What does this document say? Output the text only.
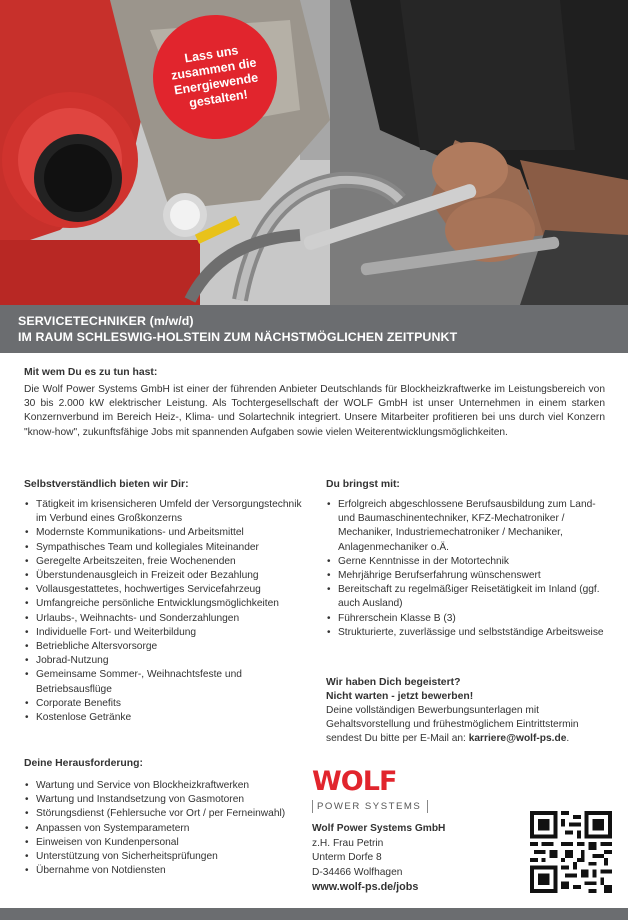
Lass uns
zusammen die
Energiewende
gestalten!
SERVICETECHNIKER (m/w/d)
IM RAUM SCHLESWIG-HOLSTEIN ZUM NÄCHSTMÖGLICHEN ZEITPUNKT
Mit wem Du es zu tun hast:

Die Wolf Power Systems GmbH ist einer der führenden Anbieter Deutschlands für Blockheizkraftwerke im Leistungsbereich von 30 bis 2.000 kW elektrischer Leistung. Als Tochtergesellschaft der WOLF GmbH ist unser Unternehmen in einem starken Konzernverbund im Bereich Heiz-, Klima- und Solartechnik integriert. Unsere Mitarbeiter profitieren bei uns durch viel Konzern "know-how", zukunftsfähige Jobs mit spannenden Aufgaben sowie vielen Weiterentwicklungsmöglichkeiten.

Selbstverständlich bieten wir Dir:
• Tätigkeit im krisensicheren Umfeld der Versorgungstechnik im Verbund eines Großkonzerns
• Modernste Kommunikations- und Arbeitsmittel
• Sympathisches Team und kollegiales Miteinander
• Geregelte Arbeitszeiten, freie Wochenenden
• Überstundenausgleich in Freizeit oder Bezahlung
• Vollausgestattetes, hochwertiges Servicefahrzeug
• Umfangreiche persönliche Entwicklungsmöglichkeiten
• Urlaubs-, Weihnachts- und Sonderzahlungen
• Individuelle Fort- und Weiterbildung
• Betriebliche Altersvorsorge
• Jobrad-Nutzung
• Gemeinsame Sommer-, Weihnachtsfeste und Betriebsausflüge
• Corporate Benefits
• Kostenlose Getränke
Du bringst mit:
• Erfolgreich abgeschlossene Berufsausbildung zum Land- und Baumaschinentechniker, KFZ-Mechatroniker / Mechaniker, Industriemechatroniker / Mechaniker, Anlagenmechaniker o.Ä.
• Gerne Kenntnisse in der Motortechnik
• Mehrjährige Berufserfahrung wünschenswert
• Bereitschaft zu regelmäßiger Reisetätigkeit im Inland (ggf. auch Ausland)
• Führerschein Klasse B (3)
• Strukturierte, zuverlässige und selbstständige Arbeitsweise
Wir haben Dich begeistert?
Nicht warten - jetzt bewerben!

Deine vollständigen Bewerbungsunterlagen mit Gehaltsvorstellung und frühestmöglichem Eintrittstermin sendest Du bitte per E-Mail an: karriere@wolf-ps.de.

Deine Herausforderung:
• Wartung und Service von Blockheizkraftwerken
• Wartung und Instandsetzung von Gasmotoren
• Störungsdienst (Fehlersuche vor Ort / per Ferneinwahl)
• Anpassen von Systemparametern
• Einweisen von Kundenpersonal
• Unterstützung von Sicherheitsprüfungen
• Übernahme von Notdiensten
WOLF
POWER SYSTEMS

Wolf Power Systems GmbH

z.H. Frau Petrin

Unterm Dorfe 8

D-34466 Wolfhagen

www.wolf-ps.de/jobs
